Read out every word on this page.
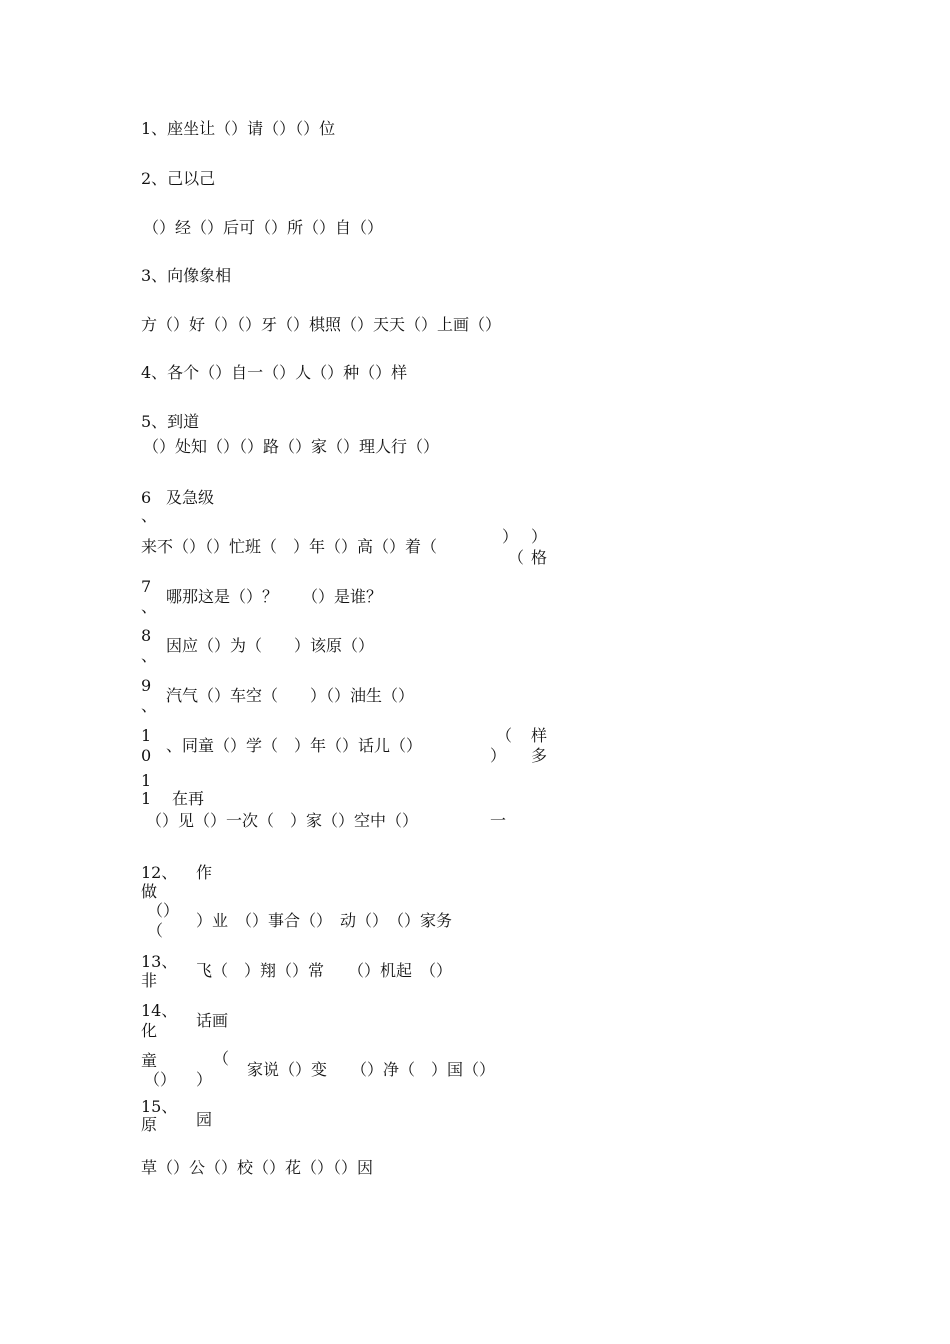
1、座坐让（）请（）（）位
2、己以己
（）经（）后可（）所（）自（）
3、向像象相
方（）好（）（）牙（）棋照（）天天（）上画（）
4、各个（）自一（）人（）种（）样
5、到道
（）处知（）（）路（）家（）理人行（）
6 及急级
、
来不（）（）忙班（　）年（）高（）着（
） ）
（ 格
7
、
哪那这是（）？　　（）是谁？
8
、
因应（）为（　　）该原（）
9
、
汽气（）车空（　　）（）油生（）
1
0
、同童（）学（　）年（）话儿（）
（
）
样
多
1
1 在再
（）见（）一次（　）家（）空中（）	一
12、 作
做
（）
（
）业　（）事合（）　动（）　（）家务
13、
非
飞（　）翔（）常　　（）机起　（）
14、
化
话画
童
（）
（
）
家说（）变　　（）净（　）国（）
15、
原 园
草（）公（）校（）花（）（）因
